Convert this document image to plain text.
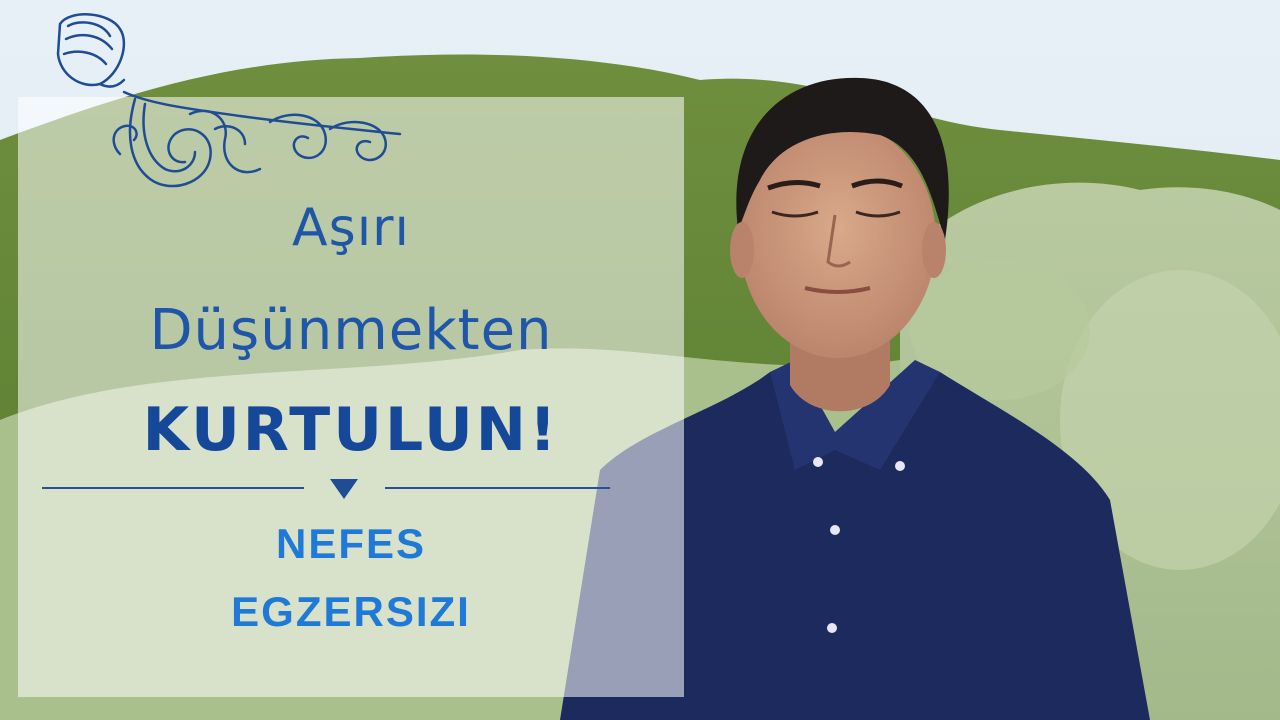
Aşırı
Düşünmekten
KURTULUN!
NEFES
EGZERSIZI
